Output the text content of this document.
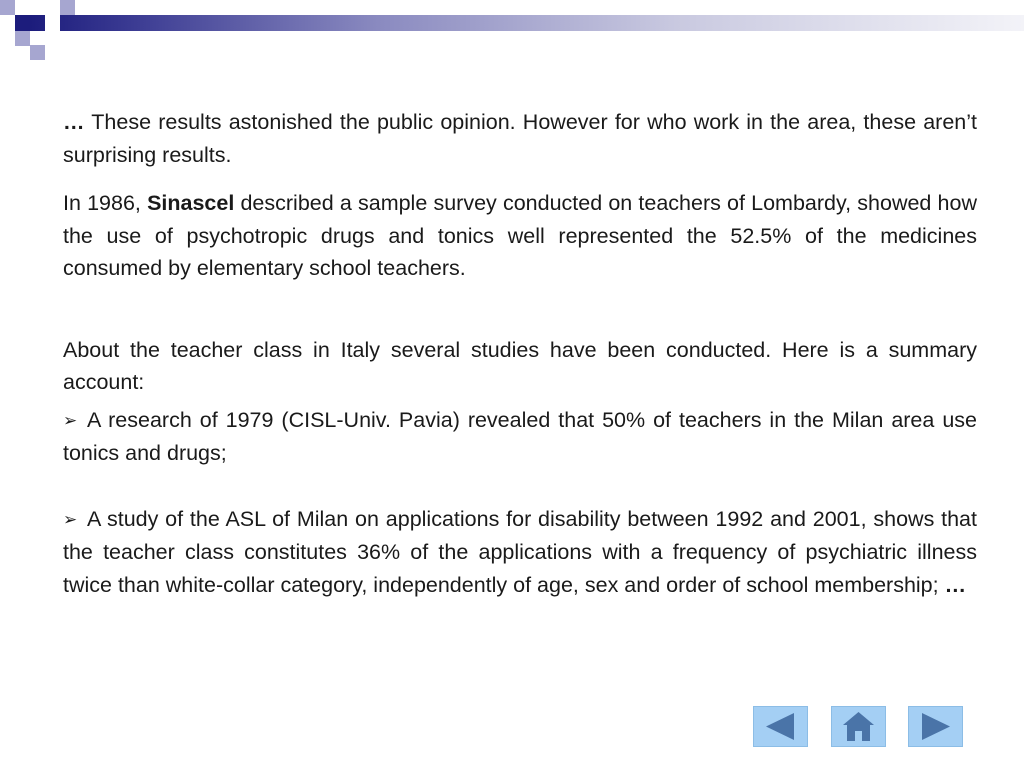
… These results astonished the public opinion. However for who work in the area, these aren’t surprising results.

In 1986, Sinascel described a sample survey conducted on teachers of Lombardy, showed how the use of psychotropic drugs and tonics well represented the 52.5% of the medicines consumed by elementary school teachers.

About the teacher class in Italy several studies have been conducted. Here is a summary account:

➢ A research of 1979 (CISL-Univ. Pavia) revealed that 50% of teachers in the Milan area use tonics and drugs;

➢ A study of the ASL of Milan on applications for disability between 1992 and 2001, shows that the teacher class constitutes 36% of the applications with a frequency of psychiatric illness twice than white-collar category, independently of age, sex and order of school membership; …
